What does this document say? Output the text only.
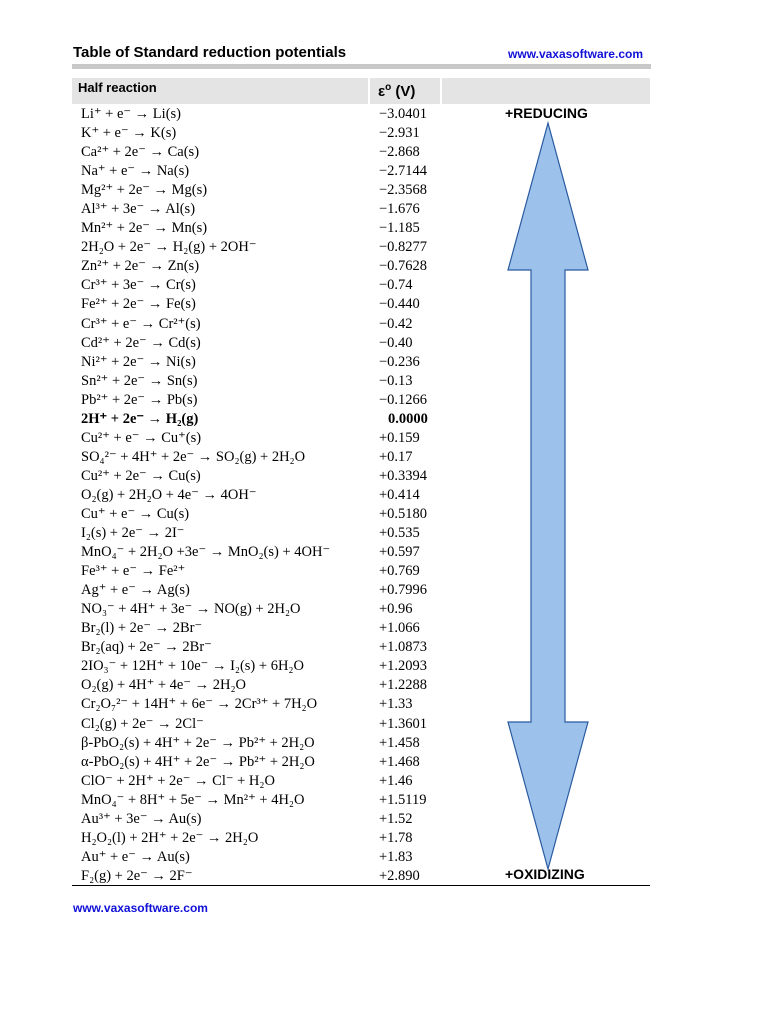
Table of Standard reduction potentials	www.vaxasoftware.com
Half reaction	$\varepsilon^o$ (V)
Li⁺ + e⁻ → Li(s)	−3.0401
K⁺ + e⁻ → K(s)	−2.931
Ca²⁺ + 2e⁻ → Ca(s)	−2.868
Na⁺ + e⁻ → Na(s)	−2.7144
Mg²⁺ + 2e⁻ → Mg(s)	−2.3568
Al³⁺ + 3e⁻ → Al(s)	−1.676
Mn²⁺ + 2e⁻ → Mn(s)	−1.185
2H₂O + 2e⁻ → H₂(g) + 2OH⁻	−0.8277
Zn²⁺ + 2e⁻ → Zn(s)	−0.7628
Cr³⁺ + 3e⁻ → Cr(s)	−0.74
Fe²⁺ + 2e⁻ → Fe(s)	−0.440
Cr³⁺ + e⁻ → Cr²⁺(s)	−0.42
Cd²⁺ + 2e⁻ → Cd(s)	−0.40
Ni²⁺ + 2e⁻ → Ni(s)	−0.236
Sn²⁺ + 2e⁻ → Sn(s)	−0.13
Pb²⁺ + 2e⁻ → Pb(s)	−0.1266
2H⁺ + 2e⁻ → H₂(g)	0.0000
Cu²⁺ + e⁻ → Cu⁺(s)	+0.159
SO₄²⁻ + 4H⁺ + 2e⁻ → SO₂(g) + 2H₂O	+0.17
Cu²⁺ + 2e⁻ → Cu(s)	+0.3394
O₂(g) + 2H₂O + 4e⁻ → 4OH⁻	+0.414
Cu⁺ + e⁻ → Cu(s)	+0.5180
I₂(s) + 2e⁻ → 2I⁻	+0.535
MnO₄⁻ + 2H₂O +3e⁻ → MnO₂(s) + 4OH⁻	+0.597
Fe³⁺ + e⁻ → Fe²⁺	+0.769
Ag⁺ + e⁻ → Ag(s)	+0.7996
NO₃⁻ + 4H⁺ + 3e⁻ → NO(g) + 2H₂O	+0.96
Br₂(l) + 2e⁻ → 2Br⁻	+1.066
Br₂(aq) + 2e⁻ → 2Br⁻	+1.0873
2IO₃⁻ + 12H⁺ + 10e⁻ → I₂(s) + 6H₂O	+1.2093
O₂(g) + 4H⁺ + 4e⁻ → 2H₂O	+1.2288
Cr₂O₇²⁻ + 14H⁺ + 6e⁻ → 2Cr³⁺ + 7H₂O	+1.33
Cl₂(g) + 2e⁻ → 2Cl⁻	+1.3601
β-PbO₂(s) + 4H⁺ + 2e⁻ → Pb²⁺ + 2H₂O	+1.458
α-PbO₂(s) + 4H⁺ + 2e⁻ → Pb²⁺ + 2H₂O	+1.468
ClO⁻ + 2H⁺ + 2e⁻ → Cl⁻ + H₂O	+1.46
MnO₄⁻ + 8H⁺ + 5e⁻ → Mn²⁺ + 4H₂O	+1.5119
Au³⁺ + 3e⁻ → Au(s)	+1.52
H₂O₂(l) + 2H⁺ + 2e⁻ → 2H₂O	+1.78
Au⁺ + e⁻ → Au(s)	+1.83
F₂(g) + 2e⁻ → 2F⁻	+2.890
+REDUCING
+OXIDIZING
www.vaxasoftware.com
